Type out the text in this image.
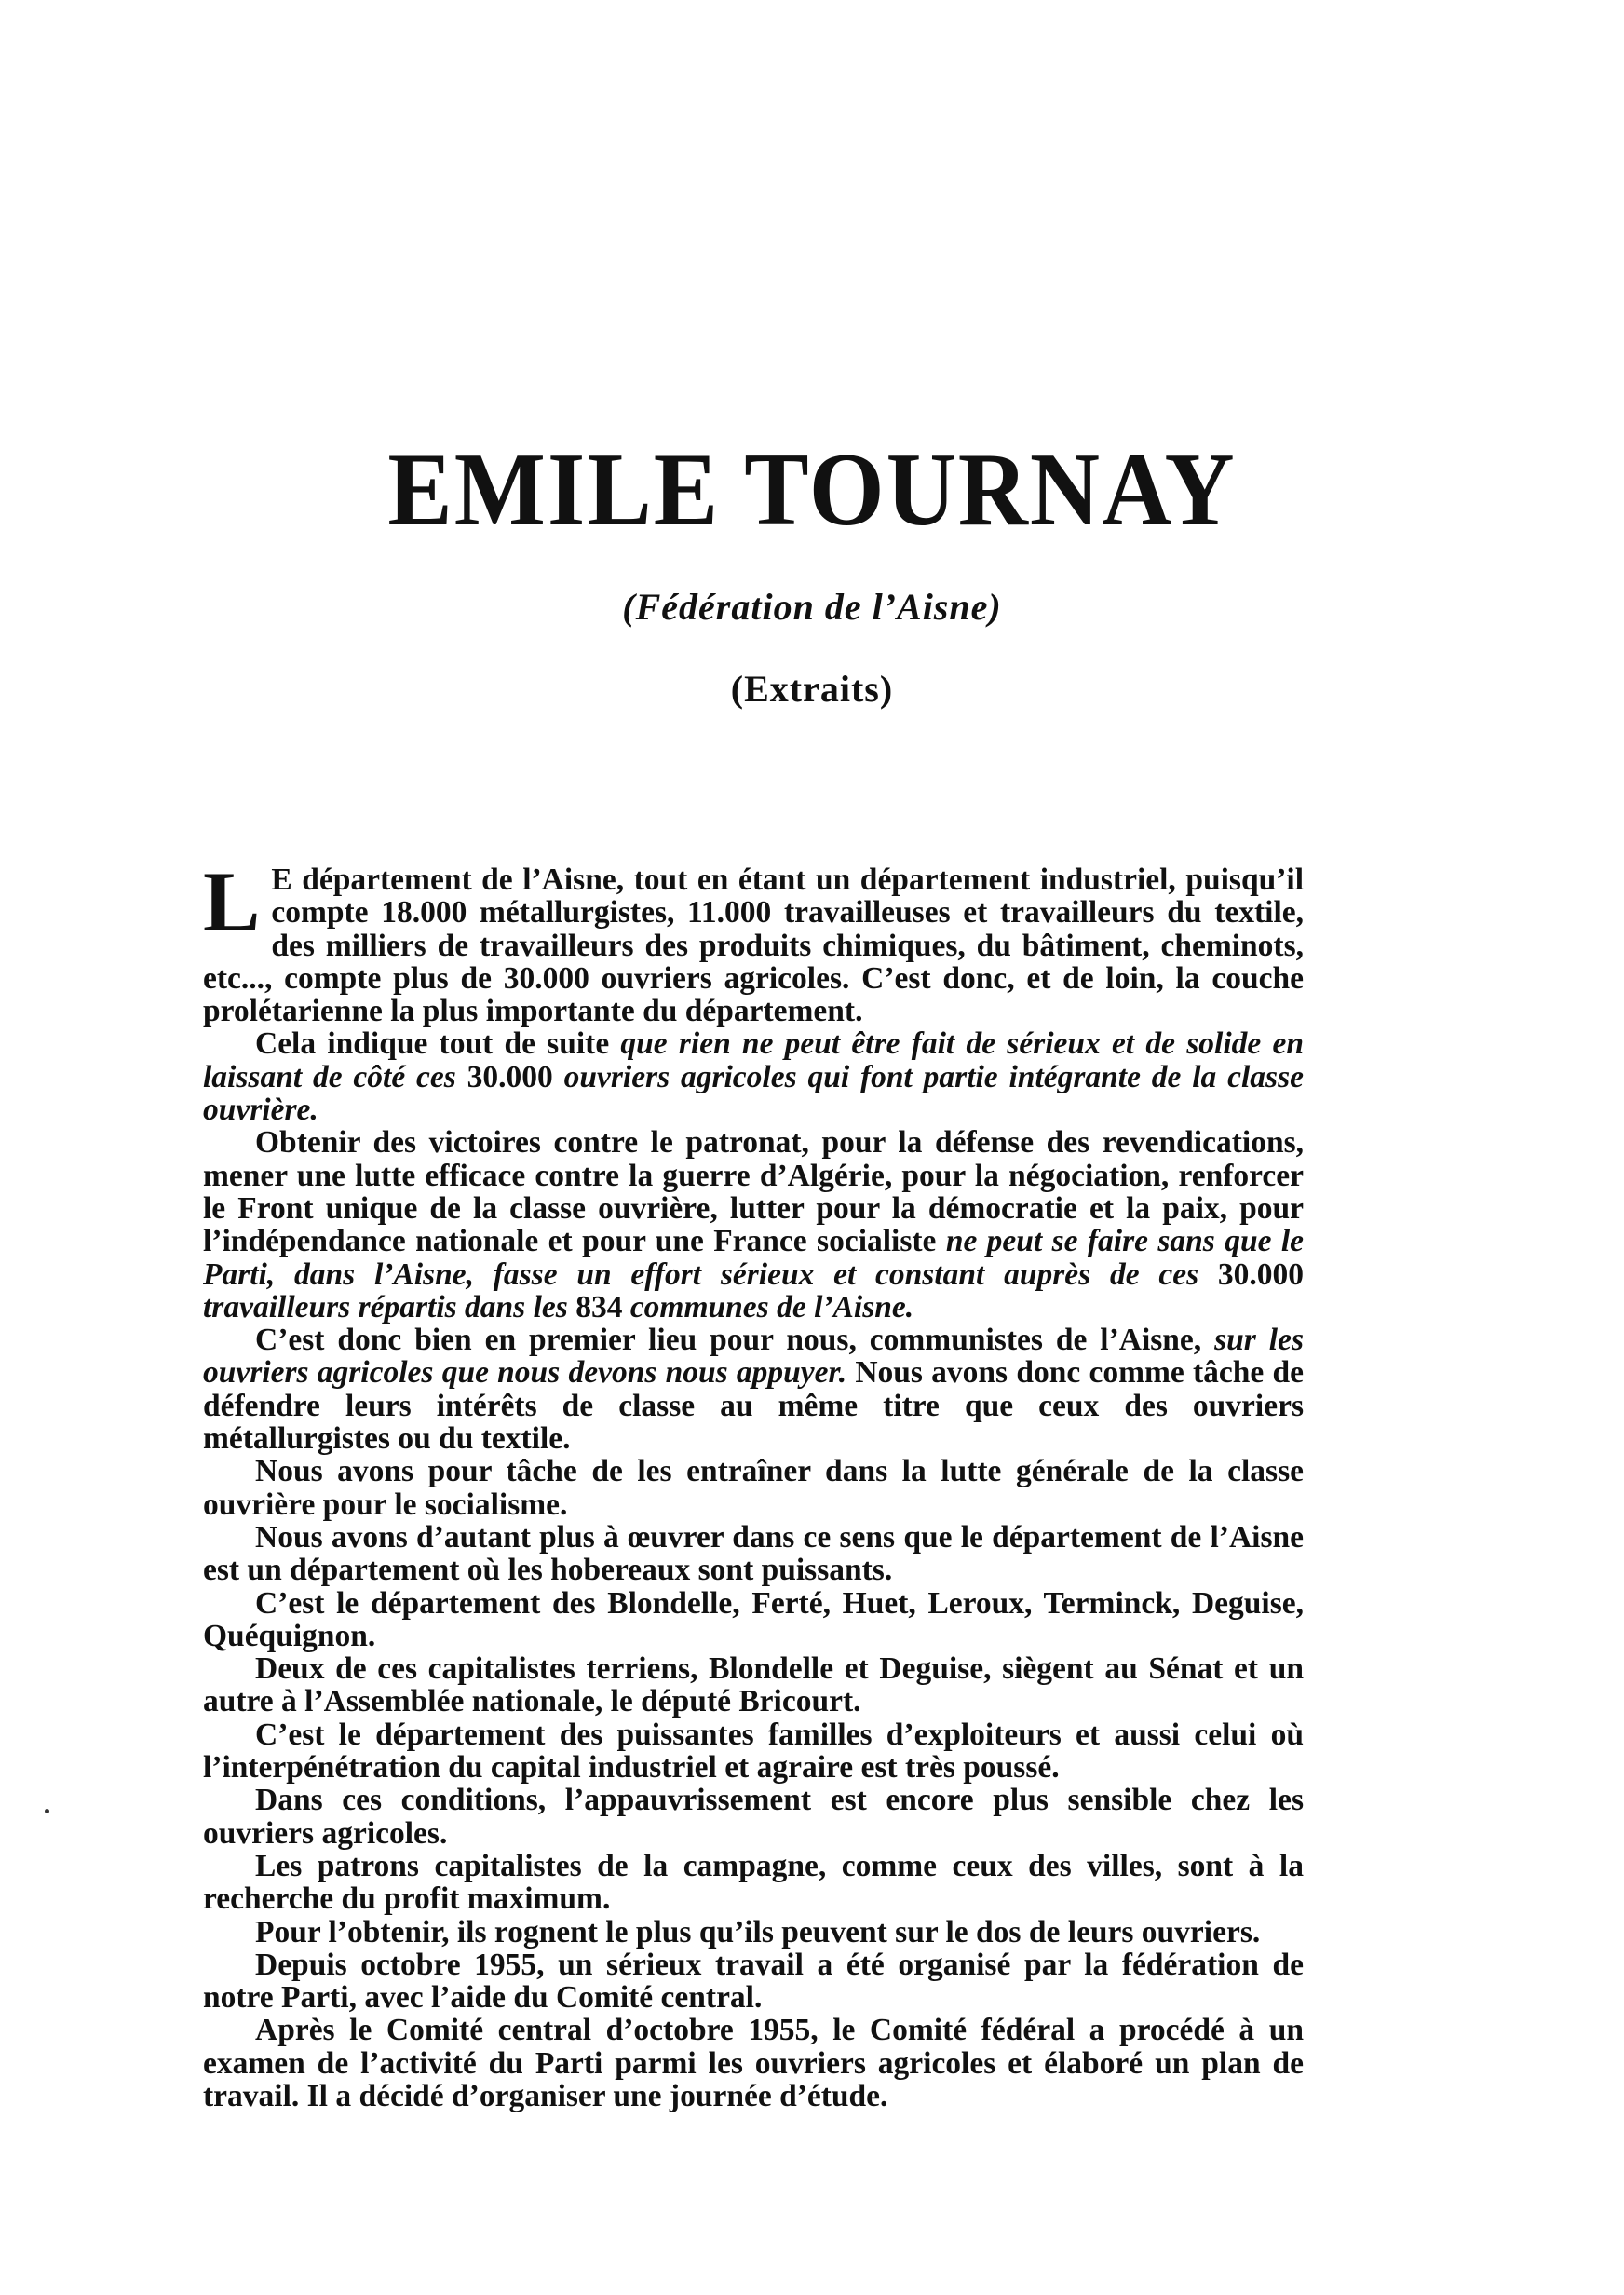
EMILE TOURNAY
(Fédération de l’Aisne)
(Extraits)

L E département de l’Aisne, tout en étant un département industriel, puisqu’il compte 18.000 métallurgistes, 11.000 travailleuses et travailleurs du textile, des milliers de travailleurs des produits chimiques, du bâtiment, cheminots, etc..., compte plus de 30.000 ouvriers agricoles. C’est donc, et de loin, la couche prolétarienne la plus importante du département.

Cela indique tout de suite que rien ne peut être fait de sérieux et de solide en laissant de côté ces 30.000 ouvriers agricoles qui font partie intégrante de la classe ouvrière.

Obtenir des victoires contre le patronat, pour la défense des revendications, mener une lutte efficace contre la guerre d’Algérie, pour la négociation, renforcer le Front unique de la classe ouvrière, lutter pour la démocratie et la paix, pour l’indépendance nationale et pour une France socialiste ne peut se faire sans que le Parti, dans l’Aisne, fasse un effort sérieux et constant auprès de ces 30.000 travailleurs répartis dans les 834 communes de l’Aisne.

C’est donc bien en premier lieu pour nous, communistes de l’Aisne, sur les ouvriers agricoles que nous devons nous appuyer. Nous avons donc comme tâche de défendre leurs intérêts de classe au même titre que ceux des ouvriers métallurgistes ou du textile.

Nous avons pour tâche de les entraîner dans la lutte générale de la classe ouvrière pour le socialisme.

Nous avons d’autant plus à œuvrer dans ce sens que le département de l’Aisne est un département où les hobereaux sont puissants.

C’est le département des Blondelle, Ferté, Huet, Leroux, Terminck, Deguise, Quéquignon.

Deux de ces capitalistes terriens, Blondelle et Deguise, siègent au Sénat et un autre à l’Assemblée nationale, le député Bricourt.

C’est le département des puissantes familles d’exploiteurs et aussi celui où l’interpénétration du capital industriel et agraire est très poussé.

Dans ces conditions, l’appauvrissement est encore plus sensible chez les ouvriers agricoles.

Les patrons capitalistes de la campagne, comme ceux des villes, sont à la recherche du profit maximum.

Pour l’obtenir, ils rognent le plus qu’ils peuvent sur le dos de leurs ouvriers.

Depuis octobre 1955, un sérieux travail a été organisé par la fédération de notre Parti, avec l’aide du Comité central.

Après le Comité central d’octobre 1955, le Comité fédéral a procédé à un examen de l’activité du Parti parmi les ouvriers agricoles et élaboré un plan de travail. Il a décidé d’organiser une journée d’étude.
